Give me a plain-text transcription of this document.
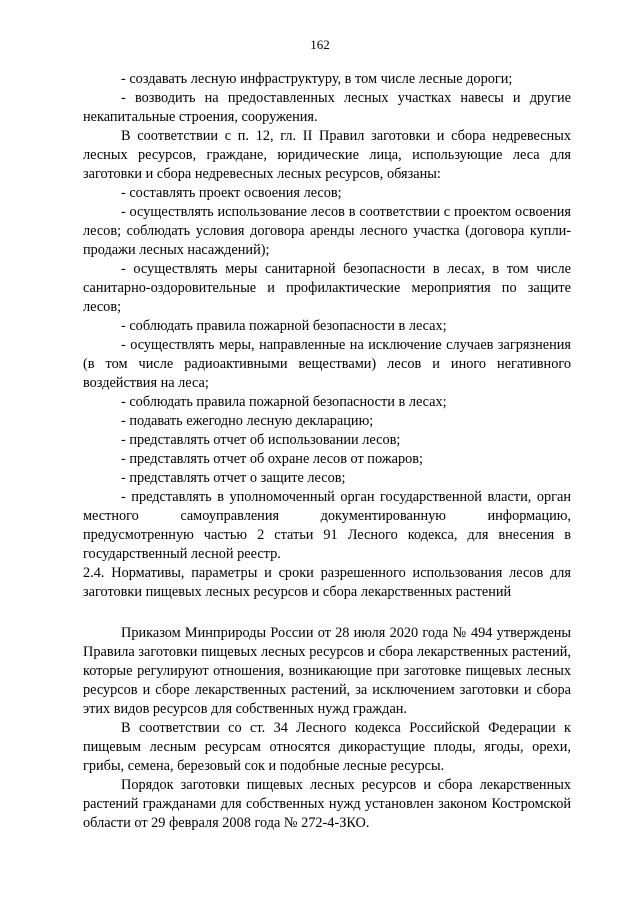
162

- создавать лесную инфраструктуру, в том числе лесные дороги;

- возводить на предоставленных лесных участках навесы и другие некапитальные строения, сооружения.

В соответствии с п. 12, гл. II Правил заготовки и сбора недревесных лесных ресурсов, граждане, юридические лица, использующие леса для заготовки и сбора недревесных лесных ресурсов, обязаны:

- составлять проект освоения лесов;

- осуществлять использование лесов в соответствии с проектом освоения лесов; соблюдать условия договора аренды лесного участка (договора купли-продажи лесных насаждений);

- осуществлять меры санитарной безопасности в лесах, в том числе санитарно-оздоровительные и профилактические мероприятия по защите лесов;

- соблюдать правила пожарной безопасности в лесах;

- осуществлять меры, направленные на исключение случаев загрязнения (в том числе радиоактивными веществами) лесов и иного негативного воздействия на леса;

- соблюдать правила пожарной безопасности в лесах;

- подавать ежегодно лесную декларацию;

- представлять отчет об использовании лесов;

- представлять отчет об охране лесов от пожаров;

- представлять отчет о защите лесов;

- представлять в уполномоченный орган государственной власти, орган местного самоуправления документированную информацию, предусмотренную частью 2 статьи 91 Лесного кодекса, для внесения в государственный лесной реестр.

2.4. Нормативы, параметры и сроки разрешенного использования лесов для заготовки пищевых лесных ресурсов и сбора лекарственных растений

Приказом Минприроды России от 28 июля 2020 года № 494 утверждены Правила заготовки пищевых лесных ресурсов и сбора лекарственных растений, которые регулируют отношения, возникающие при заготовке пищевых лесных ресурсов и сборе лекарственных растений, за исключением заготовки и сбора этих видов ресурсов для собственных нужд граждан.

В соответствии со ст. 34 Лесного кодекса Российской Федерации к пищевым лесным ресурсам относятся дикорастущие плоды, ягоды, орехи, грибы, семена, березовый сок и подобные лесные ресурсы.

Порядок заготовки пищевых лесных ресурсов и сбора лекарственных растений гражданами для собственных нужд установлен законом Костромской области от 29 февраля 2008 года № 272-4-ЗКО.
